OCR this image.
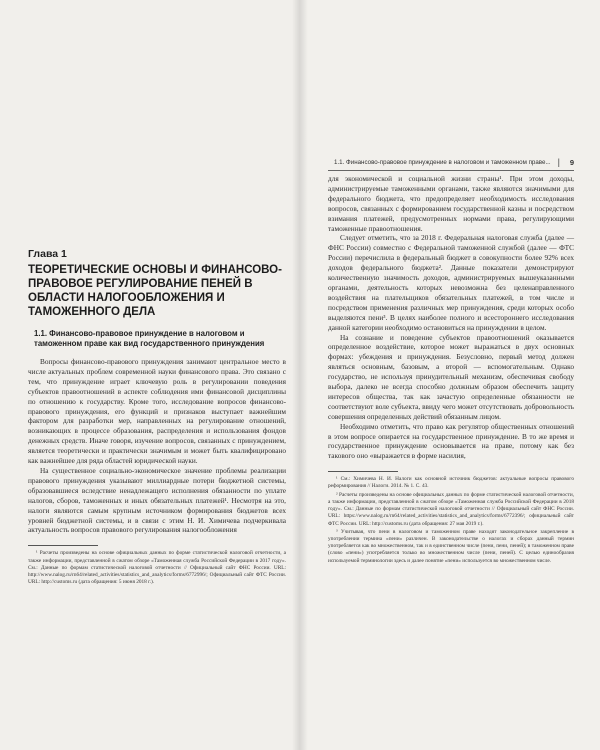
Глава 1
ТЕОРЕТИЧЕСКИЕ ОСНОВЫ И ФИНАНСОВО-ПРАВОВОЕ РЕГУЛИРОВАНИЕ ПЕНЕЙ В ОБЛАСТИ НАЛОГООБЛОЖЕНИЯ И ТАМОЖЕННОГО ДЕЛА
1.1. Финансово-правовое принуждение в налоговом и таможенном праве как вид государственного принуждения

Вопросы финансово-правового принуждения занимают центральное место в числе актуальных проблем современной науки финансового права. Это связано с тем, что принуждение играет ключевую роль в регулировании поведения субъектов правоотношений в аспекте соблюдения ими финансовой дисциплины по отношению к государству. Кроме того, исследование вопросов финансово-правового принуждения, его функций и признаков выступает важнейшим фактором для разработки мер, направленных на регулирование отношений, возникающих в процессе образования, распределения и использования фондов денежных средств. Иначе говоря, изучение вопросов, связанных с принуждением, является теоретически и практически значимым и может быть квалифицировано как важнейшее для ряда областей юридической науки.

На существенное социально-экономическое значение проблемы реализации правового принуждения указывают миллиардные потери бюджетной системы, образовавшиеся вследствие ненадлежащего исполнения обязанности по уплате налогов, сборов, таможенных и иных обязательных платежей¹. Несмотря на это, налоги являются самым крупным источником формирования бюджетов всех уровней бюджетной системы, и в связи с этим Н. И. Химичева подчеркивала актуальность вопросов правового регулирования налогообложения

¹ Расчеты произведены на основе официальных данных по форме статистической налоговой отчетности, а также информации, представленной в сжатом обзоре «Таможенная служба Российской Федерации в 2017 году». См.: Данные по формам статистической налоговой отчетности // Официальный сайт ФНС России. URL: http://www.nalog.ru/rn64/related_activities/statistics_and_analytics/forms/6772996/; Официальный сайт ФТС России. URL: http://customs.ru (дата обращения: 5 июня 2018 г.).

1.1. Финансово-правовое принуждение в налоговом и таможенном праве... | 9

для экономической и социальной жизни страны¹. При этом доходы, администрируемые таможенными органами, также являются значимыми для федерального бюджета, что предопределяет необходимость исследования вопросов, связанных с формированием государственной казны и посредством взимания платежей, предусмотренных нормами права, регулирующими таможенные правоотношения.

Следует отметить, что за 2018 г. Федеральная налоговая служба (далее — ФНС России) совместно с Федеральной таможенной службой (далее — ФТС России) перечислила в федеральный бюджет в совокупности более 92% всех доходов федерального бюджета². Данные показатели демонстрируют количественную значимость доходов, администрируемых вышеуказанными органами, деятельность которых невозможна без целенаправленного воздействия на плательщиков обязательных платежей, в том числе и посредством применения различных мер принуждения, среди которых особо выделяются пени³. В целях наиболее полного и всестороннего исследования данной категории необходимо остановиться на принуждении в целом.

На сознание и поведение субъектов правоотношений оказывается определенное воздействие, которое может выражаться в двух основных формах: убеждения и принуждения. Безусловно, первый метод должен являться основным, базовым, а второй — вспомогательным. Однако государство, не используя принудительный механизм, обеспечивая свободу выбора, далеко не всегда способно должным образом обеспечить защиту интересов общества, так как зачастую определенные обязанности не соответствуют воле субъекта, ввиду чего может отсутствовать добровольность совершения определенных действий обязанным лицом.

Необходимо отметить, что право как регулятор общественных отношений в этом вопросе опирается на государственное принуждение. В то же время и государственное принуждение основывается на праве, потому как без такового оно «выражается в форме насилия,

¹ См.: Химичева Н. И. Налоги как основной источник бюджетов: актуальные вопросы правового реформирования // Налоги. 2014. № 1. С. 43.

² Расчеты произведены на основе официальных данных по форме статистической налоговой отчетности, а также информации, представленной в сжатом обзоре «Таможенная служба Российской Федерации в 2018 году». См.: Данные по формам статистической налоговой отчетности // Официальный сайт ФНС России. URL: https://www.nalog.ru/rn64/related_activities/statistics_and_analytics/forms/6772396/; официальный сайт ФТС России. URL: http://customs.ru (дата обращения: 27 мая 2019 г.).

³ Учитывая, что пени в налоговом и таможенном праве находят законодательное закрепление в употреблении термина «пени» различен. В законодательстве о налогах и сборах данный термин употребляется как во множественном, так и в единственном числе (пени, пени, пеней); в таможенном праве (слово «пени») употребляется только во множественном числе (пени, пеней). С целью единообразия используемой терминологии здесь и далее понятие «пени» используется во множественном числе.
